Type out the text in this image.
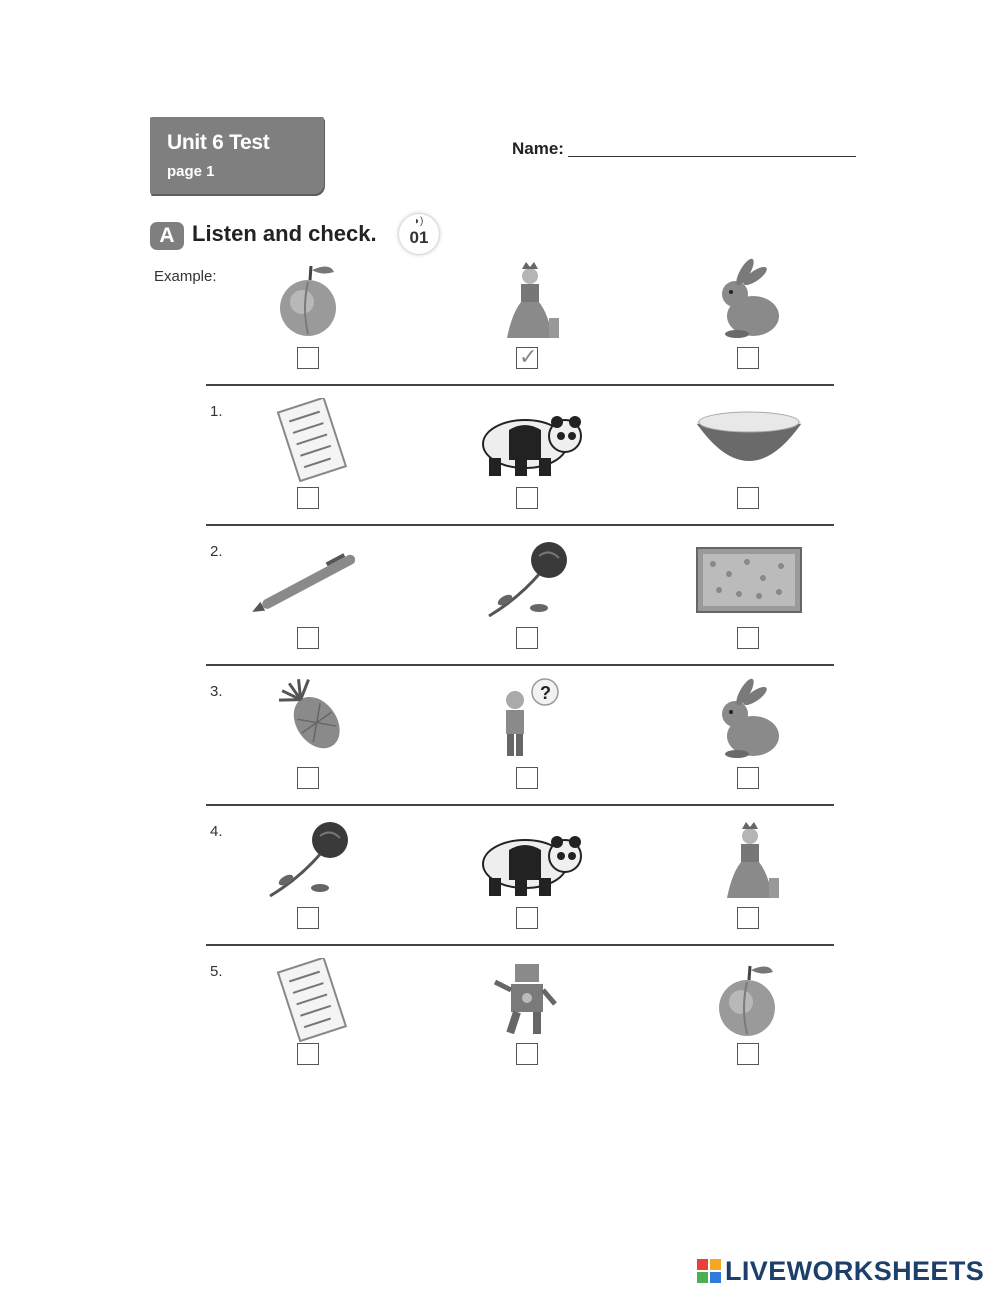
Unit 6 Test
page 1
Name:
A Listen and check.	◗)
01
Example:
✓
1.
2.
3.	?
4.
5.
LIVEWORKSHEETS
